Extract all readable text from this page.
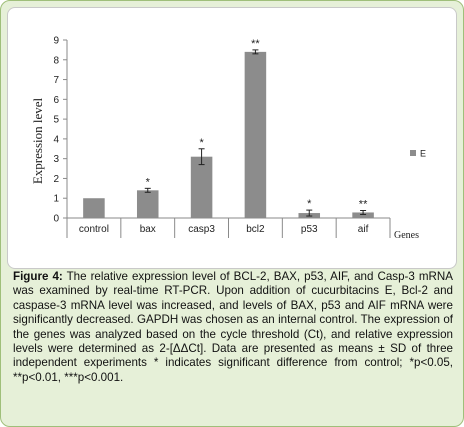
0
1
2
3
4
5
6
7
8
9
*
*
**
*	**
control	bax	casp3	bcl2	p53	aif
Expression level
Genes
E

Figure 4: The relative expression level of BCL-2, BAX, p53, AIF, and Casp-3 mRNA was examined by real-time RT-PCR. Upon addition of cucurbitacins E, Bcl-2 and caspase-3 mRNA level was increased, and levels of BAX, p53 and AIF mRNA were significantly decreased. GAPDH was chosen as an internal control. The expression of the genes was analyzed based on the cycle threshold (Ct), and relative expression levels were determined as 2-[ΔΔCt]. Data are presented as means ± SD of three independent experiments * indicates significant difference from control; *p<0.05, **p<0.01, ***p<0.001.
